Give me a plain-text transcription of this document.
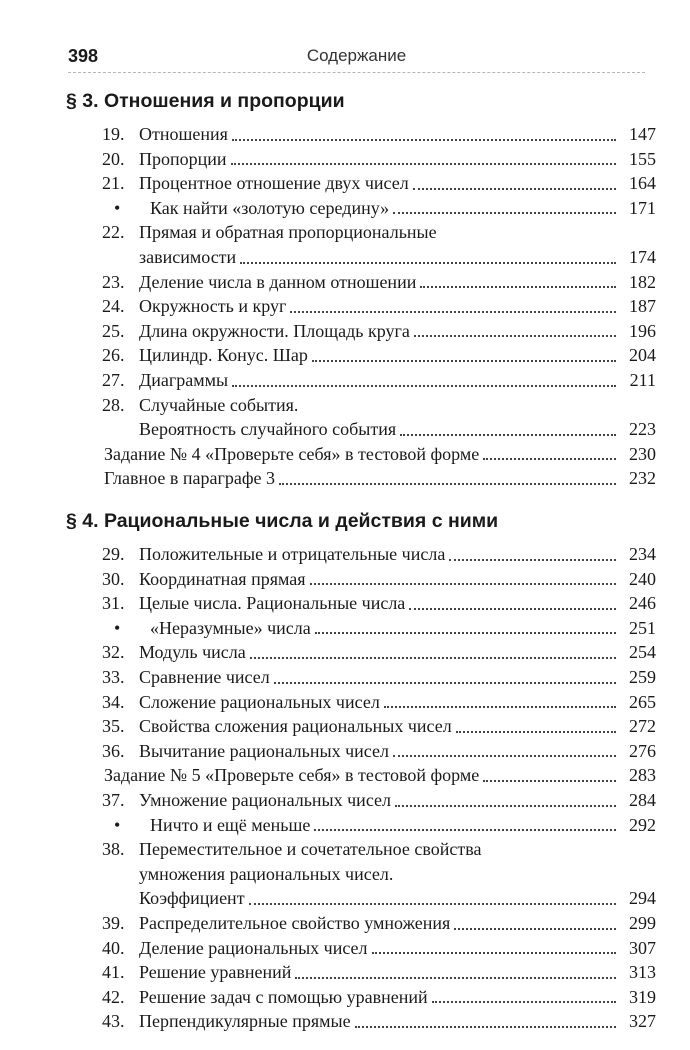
398	Содержание
§ 3. Отношения и пропорции
19. Отношения	147
20. Пропорции	155
21. Процентное отношение двух чисел	164
•	Как найти «золотую середину»	171
22. Прямая и обратная пропорциональные
зависимости	174
23. Деление числа в данном отношении	182
24. Окружность и круг	187
25. Длина окружности. Площадь круга	196
26. Цилиндр. Конус. Шар	204
27. Диаграммы	211
28. Случайные события.
Вероятность случайного события	223
Задание № 4 «Проверьте себя» в тестовой форме	230
Главное в параграфе 3	232
§ 4. Рациональные числа и действия с ними
29. Положительные и отрицательные числа	234
30. Координатная прямая	240
31. Целые числа. Рациональные числа	246
•	«Неразумные» числа	251
32. Модуль числа	254
33. Сравнение чисел	259
34. Сложение рациональных чисел	265
35. Свойства сложения рациональных чисел	272
36. Вычитание рациональных чисел	276
Задание № 5 «Проверьте себя» в тестовой форме	283
37. Умножение рациональных чисел	284
•	Ничто и ещё меньше	292
38. Переместительное и сочетательное свойства
умножения рациональных чисел.
Коэффициент	294
39. Распределительное свойство умножения	299
40. Деление рациональных чисел	307
41. Решение уравнений	313
42. Решение задач с помощью уравнений	319
43. Перпендикулярные прямые	327
